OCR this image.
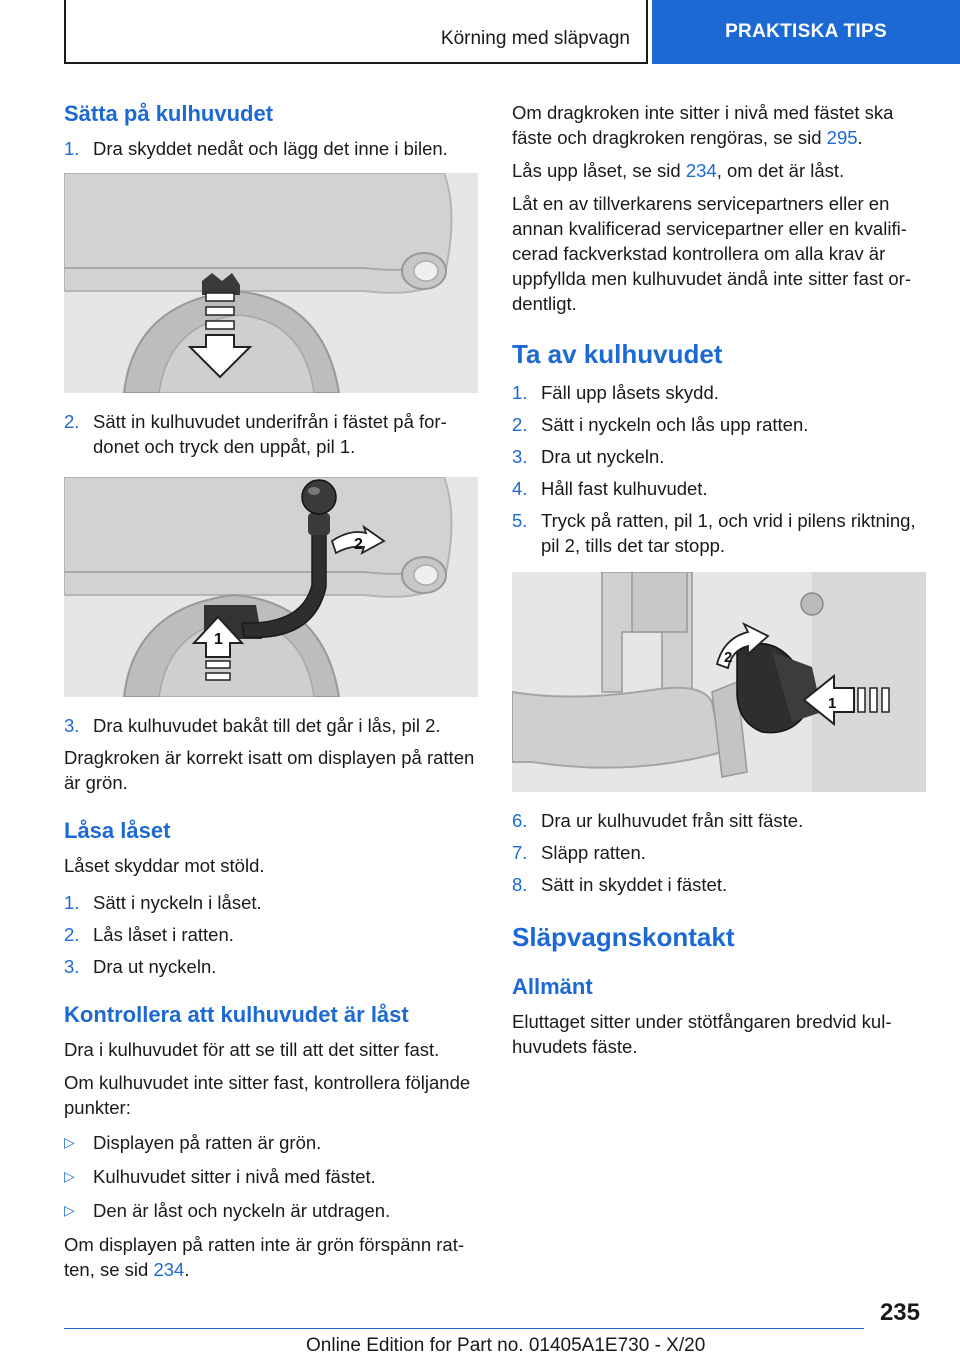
Körning med släpvagn	PRAKTISKA TIPS
Sätta på kulhuvudet
1. Dra skyddet nedåt och lägg det inne i bilen.
2. Sätt in kulhuvudet underifrån i fästet på fordonet och tryck den uppåt, pil 1.
1
2
3. Dra kulhuvudet bakåt till det går i lås, pil 2.

Dragkroken är korrekt isatt om displayen på ratten är grön.

Låsa låset

Låset skyddar mot stöld.

1. Sätt i nyckeln i låset.
2. Lås låset i ratten.
3. Dra ut nyckeln.
Kontrollera att kulhuvudet är låst

Dra i kulhuvudet för att se till att det sitter fast.

Om kulhuvudet inte sitter fast, kontrollera följande punkter:

▷ Displayen på ratten är grön.
▷ Kulhuvudet sitter i nivå med fästet.
▷ Den är låst och nyckeln är utdragen.

Om displayen på ratten inte är grön förspänn ratten, se sid 234.

Om dragkroken inte sitter i nivå med fästet ska fäste och dragkroken rengöras, se sid 295.

Lås upp låset, se sid 234, om det är låst.

Låt en av tillverkarens servicepartners eller en annan kvalificerad servicepartner eller en kvalificerad fackverkstad kontrollera om alla krav är uppfyllda men kulhuvudet ändå inte sitter fast ordentligt.

Ta av kulhuvudet
1. Fäll upp låsets skydd.
2. Sätt i nyckeln och lås upp ratten.
3. Dra ut nyckeln.
4. Håll fast kulhuvudet.
5. Tryck på ratten, pil 1, och vrid i pilens riktning, pil 2, tills det tar stopp.
2
1
6. Dra ur kulhuvudet från sitt fäste.
7. Släpp ratten.
8. Sätt in skyddet i fästet.
Släpvagnskontakt
Allmänt

Eluttaget sitter under stötfångaren bredvid kulhuvudets fäste.

235
Online Edition for Part no. 01405A1E730 - X/20
